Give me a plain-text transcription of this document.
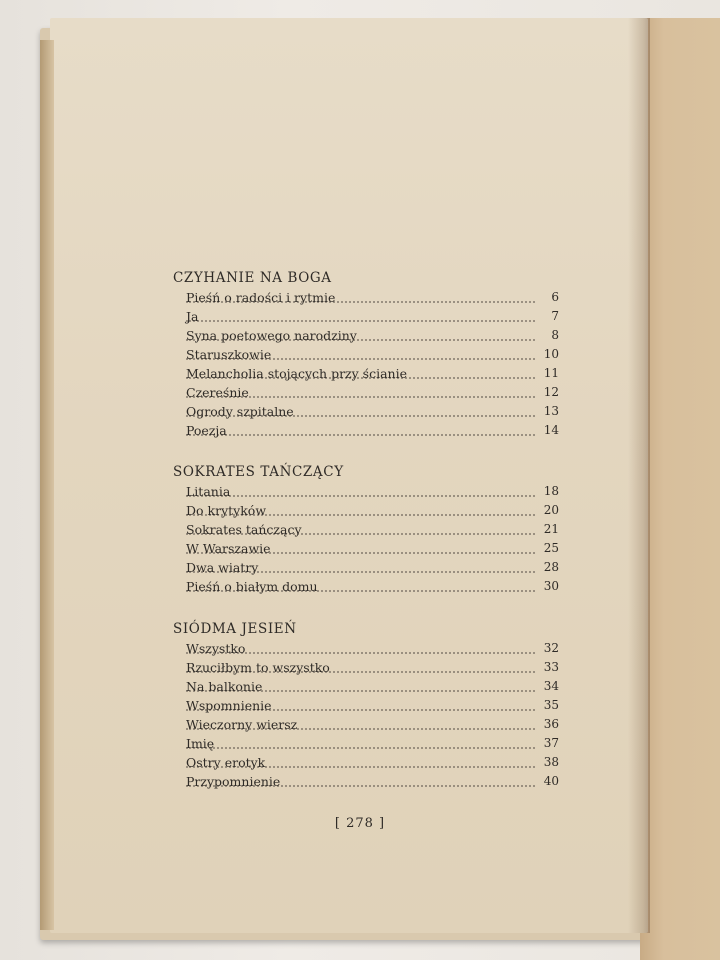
CZYHANIE NA BOGA
Pieśń o radości i rytmie	6
Ja	7
Syna poetowego narodziny	8
Staruszkowie	10
Melancholia stojących przy ścianie	11
Czereśnie	12
Ogrody szpitalne	13
Poezja	14
SOKRATES TAŃCZĄCY
Litania	18
Do krytyków	20
Sokrates tańczący	21
W Warszawie	25
Dwa wiatry	28
Pieśń o białym domu	30
SIÓDMA JESIEŃ
Wszystko	32
Rzuciłbym to wszystko	33
Na balkonie	34
Wspomnienie	35
Wieczorny wiersz	36
Imię	37
Ostry erotyk	38
Przypomnienie	40
[ 278 ]
